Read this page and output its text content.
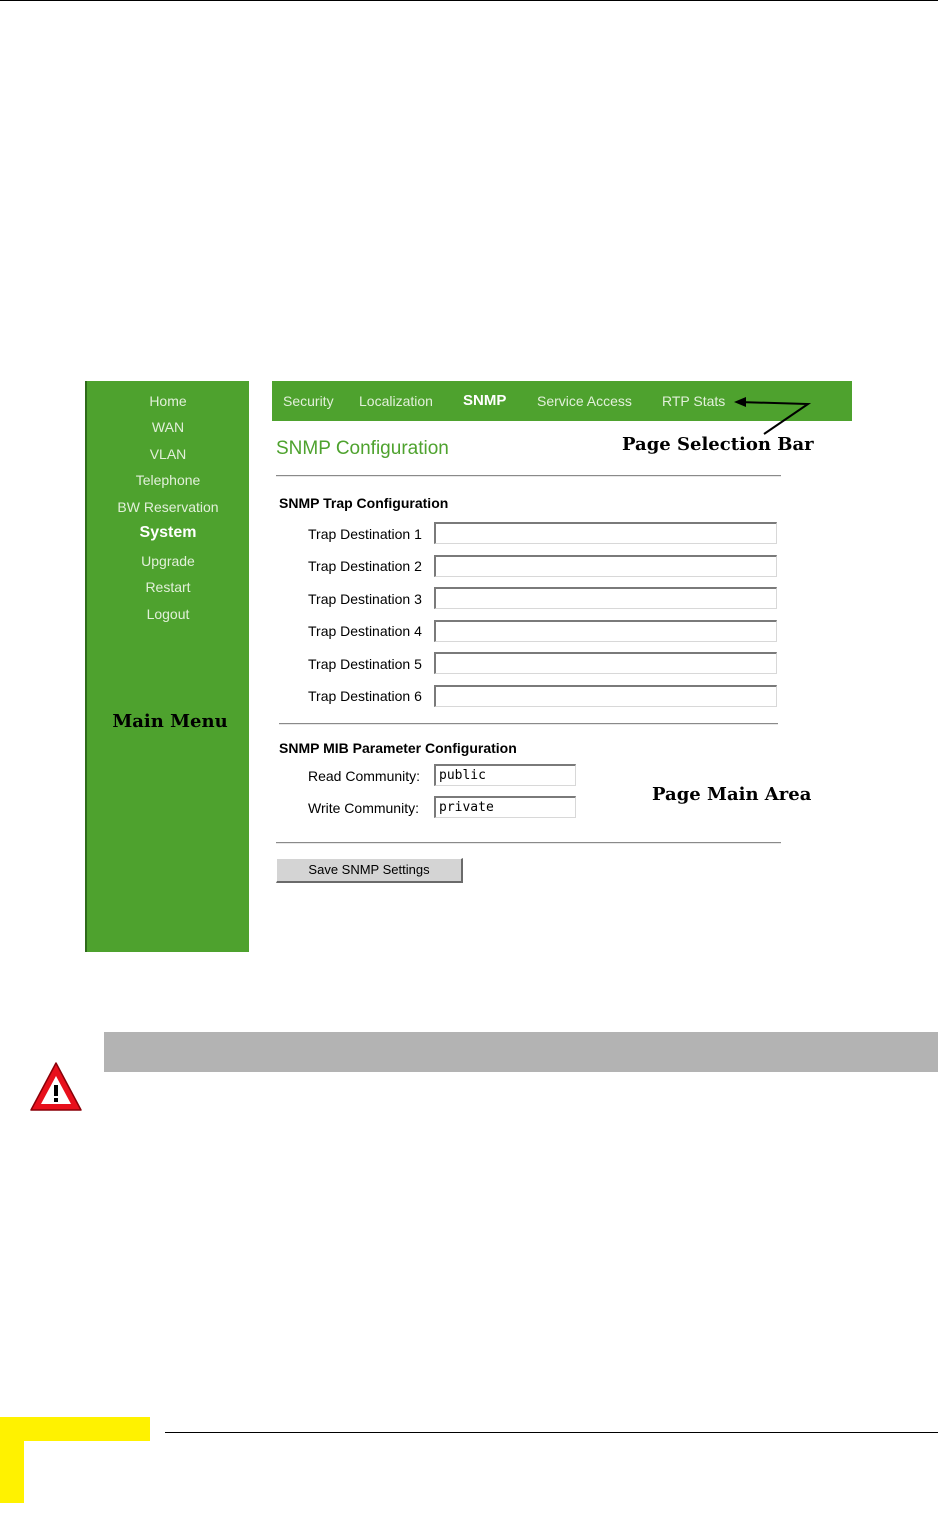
Home
WAN
VLAN
Telephone
BW Reservation
System
Upgrade
Restart
Logout
Main Menu
Security Localization SNMP Service Access RTP Stats
Page Selection Bar
SNMP Configuration
SNMP Trap Configuration
Trap Destination 1
Trap Destination 2
Trap Destination 3
Trap Destination 4
Trap Destination 5
Trap Destination 6
SNMP MIB Parameter Configuration
Read Community:
public
Write Community:
private
Page Main Area
Save SNMP Settings
